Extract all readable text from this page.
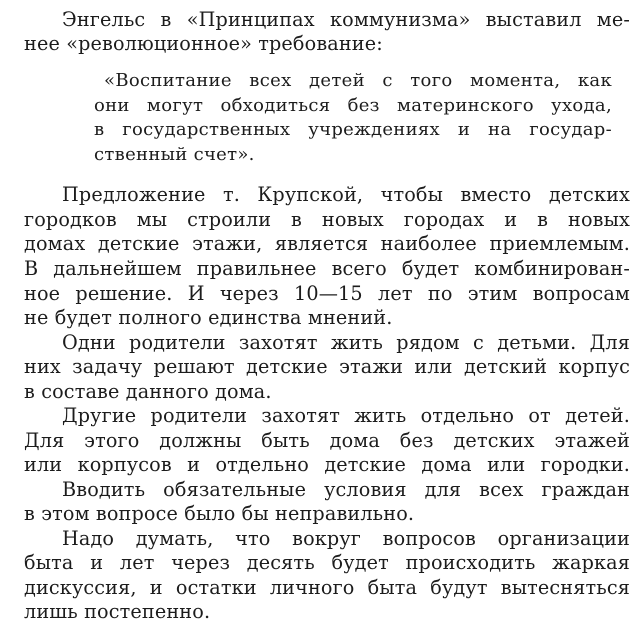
Энгельс в «Принципах коммунизма» выставил ме-

нее «революционное» требование:

«Воспитание всех детей с того момента, как

они могут обходиться без материнского ухода,

в государственных учреждениях и на государ-

ственный счет».

Предложение т. Крупской, чтобы вместо детских

городков мы строили в новых городах и в новых

домах детские этажи, является наиболее приемлемым.

В дальнейшем правильнее всего будет комбинирован-

ное решение. И через 10—15 лет по этим вопросам

не будет полного единства мнений.

Одни родители захотят жить рядом с детьми. Для

них задачу решают детские этажи или детский корпус

в составе данного дома.

Другие родители захотят жить отдельно от детей.

Для этого должны быть дома без детских этажей

или корпусов и отдельно детские дома или городки.

Вводить обязательные условия для всех граждан

в этом вопросе было бы неправильно.

Надо думать, что вокруг вопросов организации

быта и лет через десять будет происходить жаркая

дискуссия, и остатки личного быта будут вытесняться

лишь постепенно.
